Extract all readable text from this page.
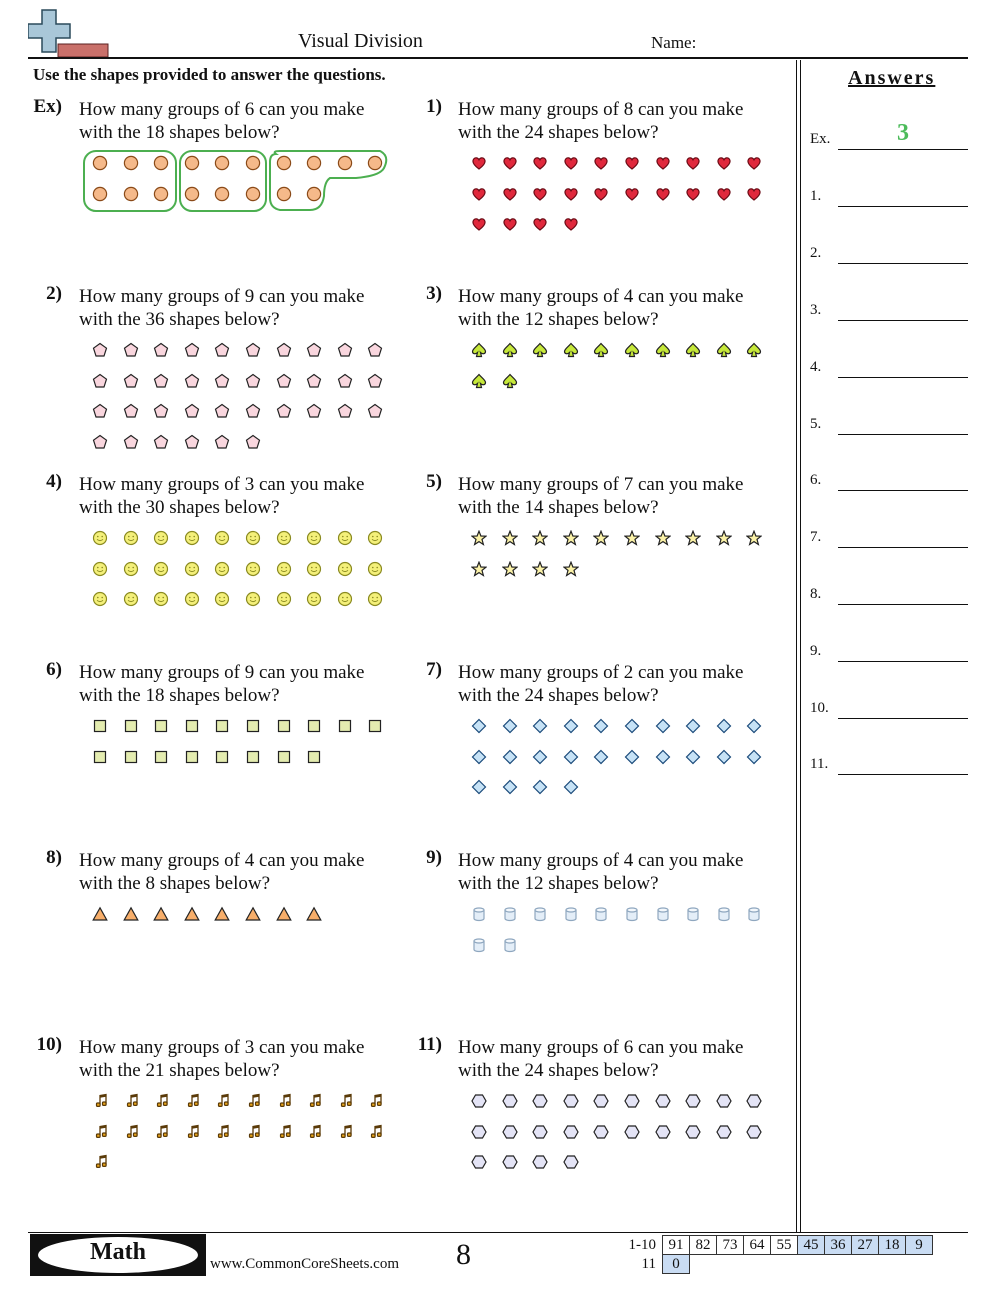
Visual Division	Name:
Use the shapes provided to answer the questions.	Answers
Ex.	3
1.
2.
3.
4.
5.
6.
7.
8.
9.
10.
11.
Ex) How many groups of 6 can you make
with the 18 shapes below?
1) How many groups of 8 can you make
with the 24 shapes below?
2) How many groups of 9 can you make
with the 36 shapes below?
3) How many groups of 4 can you make
with the 12 shapes below?
4) How many groups of 3 can you make
with the 30 shapes below?
5) How many groups of 7 can you make
with the 14 shapes below?
6) How many groups of 9 can you make
with the 18 shapes below?
7) How many groups of 2 can you make
with the 24 shapes below?
8) How many groups of 4 can you make
with the 8 shapes below?
9) How many groups of 4 can you make
with the 12 shapes below?
10) How many groups of 3 can you make
with the 21 shapes below?
11) How many groups of 6 can you make
with the 24 shapes below?
Math	www.CommonCoreSheets.com 8	1-10	91	82	73	64	55	45	36	27	18	9
11	0									
